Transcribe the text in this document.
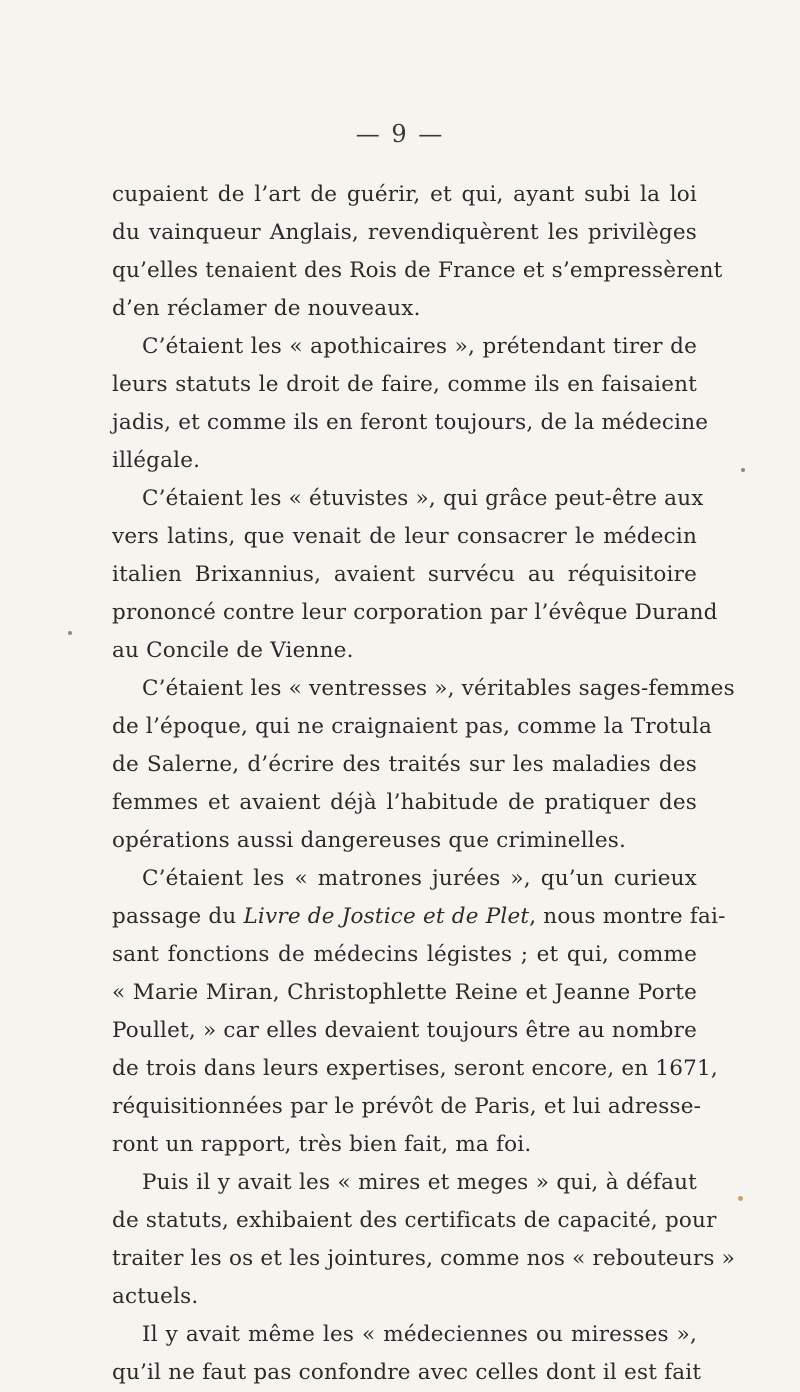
— 9 —
cupaient de l’art de guérir, et qui, ayant subi la loi
du vainqueur Anglais, revendiquèrent les privilèges
qu’elles tenaient des Rois de France et s’empressèrent
d’en réclamer de nouveaux.
C’étaient les « apothicaires », prétendant tirer de
leurs statuts le droit de faire, comme ils en faisaient
jadis, et comme ils en feront toujours, de la médecine
illégale.
C’étaient les « étuvistes », qui grâce peut-être aux
vers latins, que venait de leur consacrer le médecin
italien Brixannius, avaient survécu au réquisitoire
prononcé contre leur corporation par l’évêque Durand
au Concile de Vienne.
C’étaient les « ventresses », véritables sages-femmes
de l’époque, qui ne craignaient pas, comme la Trotula
de Salerne, d’écrire des traités sur les maladies des
femmes et avaient déjà l’habitude de pratiquer des
opérations aussi dangereuses que criminelles.
C’étaient les « matrones jurées », qu’un curieux
passage du Livre de Jostice et de Plet, nous montre fai-
sant fonctions de médecins légistes ; et qui, comme
« Marie Miran, Christophlette Reine et Jeanne Porte
Poullet, » car elles devaient toujours être au nombre
de trois dans leurs expertises, seront encore, en 1671,
réquisitionnées par le prévôt de Paris, et lui adresse-
ront un rapport, très bien fait, ma foi.
Puis il y avait les « mires et meges » qui, à défaut
de statuts, exhibaient des certificats de capacité, pour
traiter les os et les jointures, comme nos « rebouteurs »
actuels.
Il y avait même les « médeciennes ou miresses »,
qu’il ne faut pas confondre avec celles dont il est fait
